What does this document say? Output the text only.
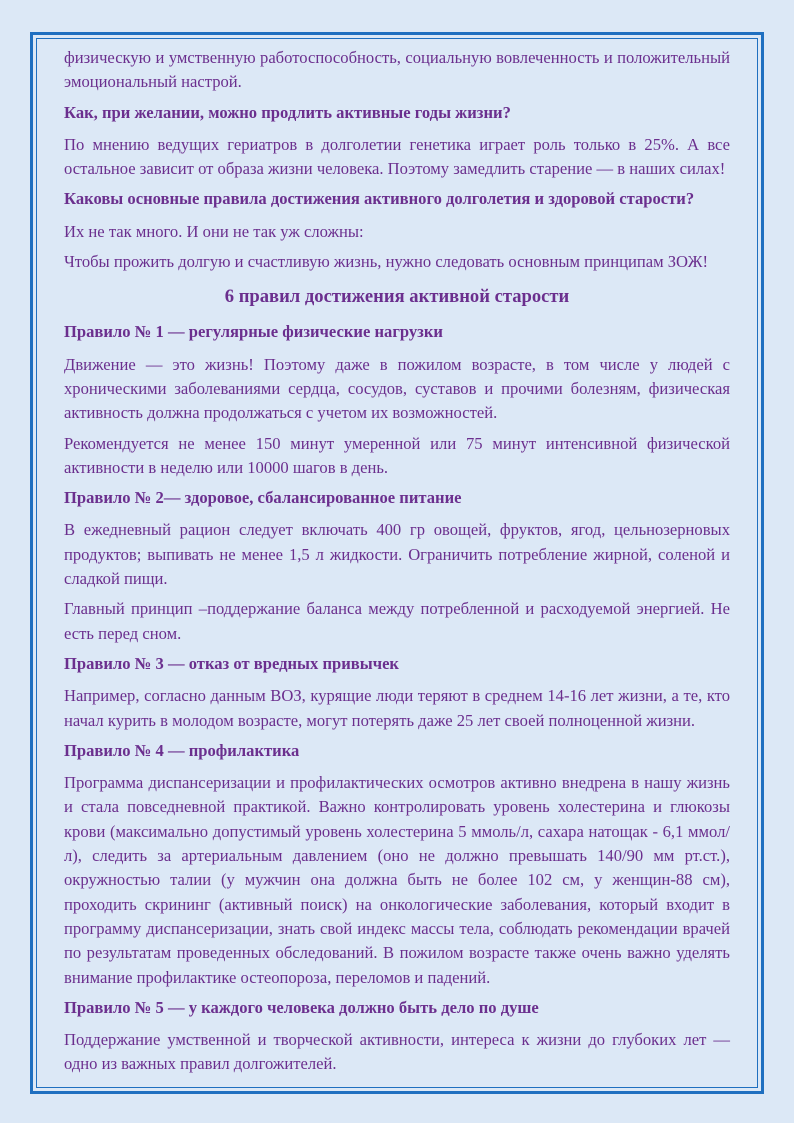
физическую и умственную работоспособность, социальную вовлеченность и положительный эмоциональный настрой.

Как, при желании, можно продлить активные годы жизни?

По мнению ведущих гериатров в долголетии генетика играет роль только в 25%. А все остальное зависит от образа жизни человека. Поэтому замедлить старение — в наших силах!

Каковы основные правила достижения активного долголетия и здоровой старости?

Их не так много. И они не так уж сложны:

Чтобы прожить долгую и счастливую жизнь, нужно следовать основным принципам ЗОЖ!

6 правил достижения активной старости
Правило № 1 — регулярные физические нагрузки

Движение — это жизнь! Поэтому даже в пожилом возрасте, в том числе у людей с хроническими заболеваниями сердца, сосудов, суставов и прочими болезням, физическая активность должна продолжаться с учетом их возможностей.

Рекомендуется не менее 150 минут умеренной или 75 минут интенсивной физической активности в неделю или 10000 шагов в день.

Правило № 2— здоровое, сбалансированное питание

В ежедневный рацион следует включать 400 гр овощей, фруктов, ягод, цельнозерновых продуктов; выпивать не менее 1,5 л жидкости. Ограничить потребление жирной, соленой и сладкой пищи.

Главный принцип –поддержание баланса между потребленной и расходуемой энергией. Не есть перед сном.

Правило № 3 — отказ от вредных привычек

Например, согласно данным ВОЗ, курящие люди теряют в среднем 14-16 лет жизни, а те, кто начал курить в молодом возрасте, могут потерять даже 25 лет своей полноценной жизни.

Правило № 4 — профилактика

Программа диспансеризации и профилактических осмотров активно внедрена в нашу жизнь и стала повседневной практикой. Важно контролировать уровень холестерина и глюкозы крови (максимально допустимый уровень холестерина 5 ммоль/л, сахара натощак - 6,1 ммол/л), следить за артериальным давлением (оно не должно превышать 140/90 мм рт.ст.), окружностью талии (у мужчин она должна быть не более 102 см, у женщин-88 см), проходить скрининг (активный поиск) на онкологические заболевания, который входит в программу диспансеризации, знать свой индекс массы тела, соблюдать рекомендации врачей по результатам проведенных обследований. В пожилом возрасте также очень важно уделять внимание профилактике остеопороза, переломов и падений.

Правило № 5 — у каждого человека должно быть дело по душе

Поддержание умственной и творческой активности, интереса к жизни до глубоких лет — одно из важных правил долгожителей.
